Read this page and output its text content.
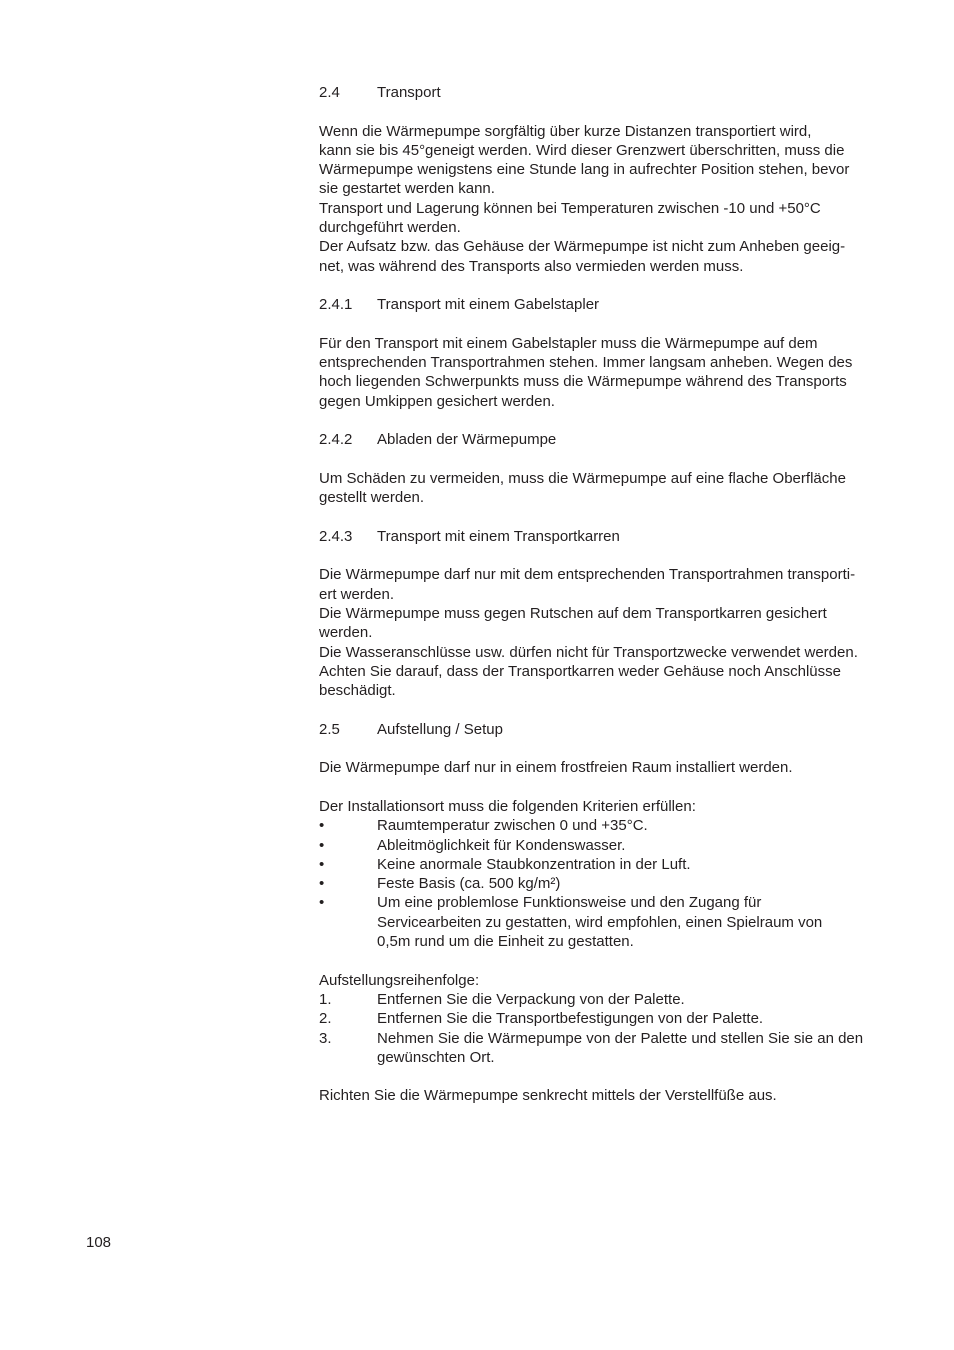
2.4	Transport
Wenn die Wärmepumpe sorgfältig über kurze Distanzen transportiert wird,
kann sie bis 45°geneigt werden. Wird dieser Grenzwert überschritten, muss die
Wärmepumpe wenigstens eine Stunde lang in aufrechter Position stehen, bevor
sie gestartet werden kann.
Transport und Lagerung können bei Temperaturen zwischen -10 und +50°C
durchgeführt werden.
Der Aufsatz bzw. das Gehäuse der Wärmepumpe ist nicht zum Anheben geeig-
net, was während des Transports also vermieden werden muss.
2.4.1	Transport mit einem Gabelstapler
Für den Transport mit einem Gabelstapler muss die Wärmepumpe auf dem
entsprechenden Transportrahmen stehen. Immer langsam anheben. Wegen des
hoch liegenden Schwerpunkts muss die Wärmepumpe während des Transports
gegen Umkippen gesichert werden.
2.4.2	Abladen der Wärmepumpe
Um Schäden zu vermeiden, muss die Wärmepumpe auf eine flache Oberfläche
gestellt werden.
2.4.3	Transport mit einem Transportkarren
Die Wärmepumpe darf nur mit dem entsprechenden Transportrahmen transporti-
ert werden.
Die Wärmepumpe muss gegen Rutschen auf dem Transportkarren gesichert
werden.
Die Wasseranschlüsse usw. dürfen nicht für Transportzwecke verwendet werden.
Achten Sie darauf, dass der Transportkarren weder Gehäuse noch Anschlüsse
beschädigt.
2.5	Aufstellung / Setup
Die Wärmepumpe darf nur in einem frostfreien Raum installiert werden.
Der Installationsort muss die folgenden Kriterien erfüllen:
•	Raumtemperatur zwischen 0 und +35°C.
•	Ableitmöglichkeit für Kondenswasser.
•	Keine anormale Staubkonzentration in der Luft.
•	Feste Basis (ca. 500 kg/m²)
•	Um eine problemlose Funktionsweise und den Zugang für
Servicearbeiten zu gestatten, wird empfohlen, einen Spielraum von
0,5m rund um die Einheit zu gestatten.
Aufstellungsreihenfolge:
1.	Entfernen Sie die Verpackung von der Palette.
2.	Entfernen Sie die Transportbefestigungen von der Palette.
3.	Nehmen Sie die Wärmepumpe von der Palette und stellen Sie sie an den
gewünschten Ort.
Richten Sie die Wärmepumpe senkrecht mittels der Verstellfüße aus.
108
